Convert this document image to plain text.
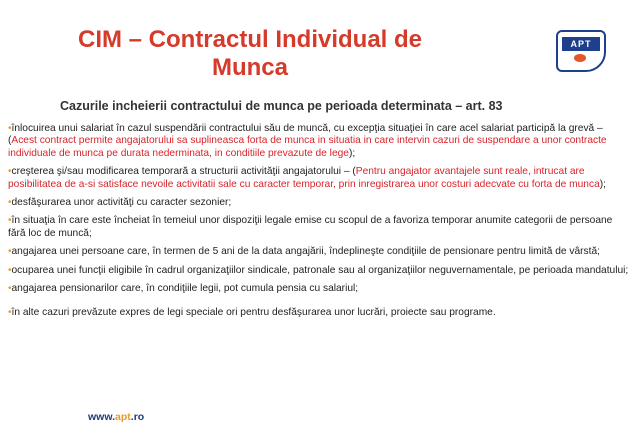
CIM – Contractul Individual de
Munca
APT
Cazurile incheierii contractului de munca pe perioada determinata – art. 83
•înlocuirea unui salariat în cazul suspendării contractului său de muncă, cu excepţia situaţiei în care acel salariat participă la grevă – (Acest contract permite angajatorului sa suplineasca forta de munca in situatia in care intervin cazuri de suspendare a unor contracte individuale de munca pe durata nederminata, in conditiile prevazute de lege);
•creşterea şi/sau modificarea temporară a structurii activităţii angajatorului – (Pentru angajator avantajele sunt reale, intrucat are posibilitatea de a-si satisface nevoile activitatii sale cu caracter temporar, prin inregistrarea unor costuri adecvate cu forta de munca);
•desfăşurarea unor activităţi cu caracter sezonier;
•în situaţia în care este încheiat în temeiul unor dispoziţii legale emise cu scopul de a favoriza temporar anumite categorii de persoane fără loc de muncă;
•angajarea unei persoane care, în termen de 5 ani de la data angajării, îndeplineşte condiţiile de pensionare pentru limită de vârstă;
•ocuparea unei funcţii eligibile în cadrul organizaţiilor sindicale, patronale sau al organizaţiilor neguvernamentale, pe perioada mandatului;
•angajarea pensionarilor care, în condiţiile legii, pot cumula pensia cu salariul;
•în alte cazuri prevăzute expres de legi speciale ori pentru desfăşurarea unor lucrări, proiecte sau programe.
www.apt.ro
